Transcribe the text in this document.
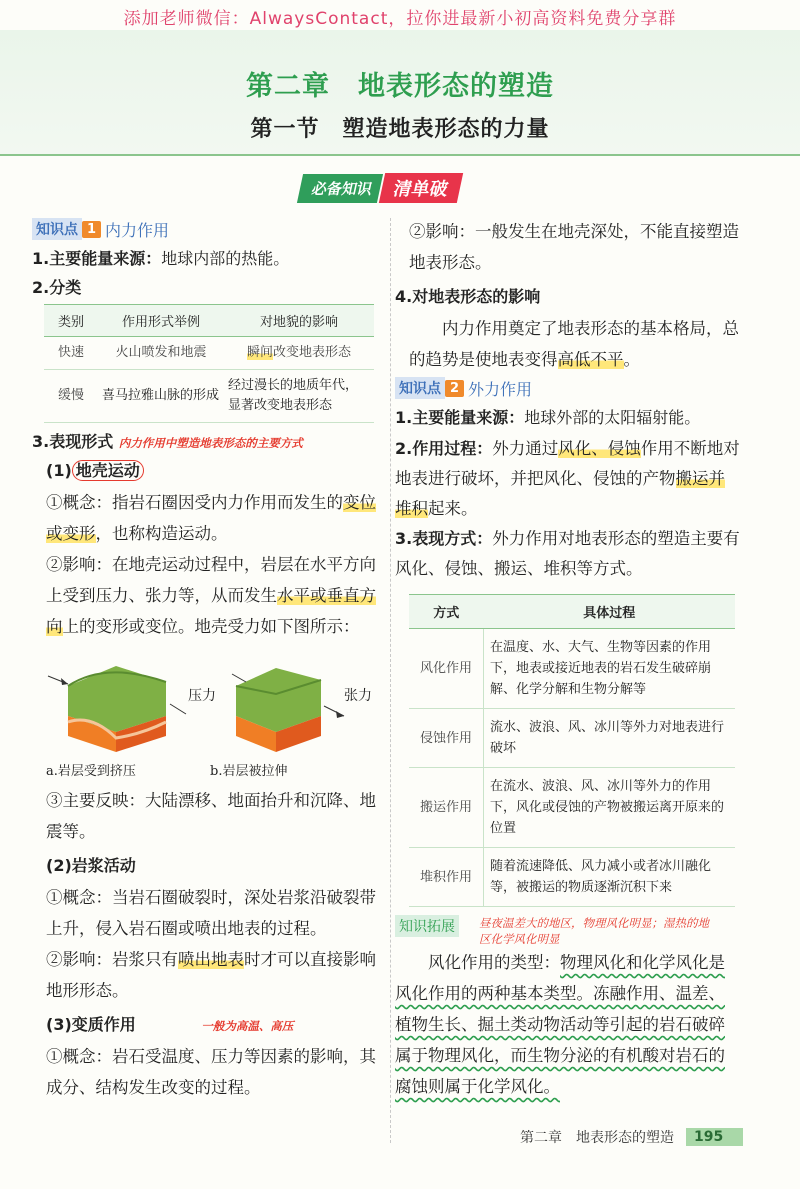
添加老师微信：AlwaysContact，拉你进最新小初高资料免费分享群
第二章　地表形态的塑造
第一节　塑造地表形态的力量
必备知识 清单破
知识点 1 内力作用
1.主要能量来源：地球内部的热能。
2.分类
类别	作用形式举例	对地貌的影响
快速	火山喷发和地震	瞬间改变地表形态
缓慢	喜马拉雅山脉的形成	经过漫长的地质年代，显著改变地表形态
3.表现形式 内力作用中塑造地表形态的主要方式
(1) 地壳运动
①概念：指岩石圈因受内力作用而发生的变位或变形，也称构造运动。
②影响：在地壳运动过程中，岩层在水平方向上受到压力、张力等，从而发生水平或垂直方向上的变形或变位。地壳受力如下图所示：
压力	张力
a.岩层受到挤压	b.岩层被拉伸
③主要反映：大陆漂移、地面抬升和沉降、地震等。
(2)岩浆活动
①概念：当岩石圈破裂时，深处岩浆沿破裂带上升，侵入岩石圈或喷出地表的过程。
②影响：岩浆只有喷出地表时才可以直接影响地形形态。
(3)变质作用	一般为高温、高压
①概念：岩石受温度、压力等因素的影响，其成分、结构发生改变的过程。
②影响：一般发生在地壳深处，不能直接塑造地表形态。
4.对地表形态的影响
内力作用奠定了地表形态的基本格局，总的趋势是使地表变得高低不平。
知识点 2 外力作用
1.主要能量来源：地球外部的太阳辐射能。
2.作用过程：外力通过风化、侵蚀作用不断地对地表进行破坏，并把风化、侵蚀的产物搬运并堆积起来。
3.表现方式：外力作用对地表形态的塑造主要有风化、侵蚀、搬运、堆积等方式。
方式	具体过程
风化作用	在温度、水、大气、生物等因素的作用下，地表或接近地表的岩石发生破碎崩解、化学分解和生物分解等
侵蚀作用	流水、波浪、风、冰川等外力对地表进行破坏
搬运作用	在流水、波浪、风、冰川等外力的作用下，风化或侵蚀的产物被搬运离开原来的位置
堆积作用	随着流速降低、风力减小或者冰川融化等，被搬运的物质逐渐沉积下来
知识拓展	昼夜温差大的地区，物理风化明显；湿热的地区化学风化明显
风化作用的类型：物理风化和化学风化是风化作用的两种基本类型。冻融作用、温差、植物生长、掘土类动物活动等引起的岩石破碎属于物理风化，而生物分泌的有机酸对岩石的腐蚀则属于化学风化。
第二章　地表形态的塑造	195
